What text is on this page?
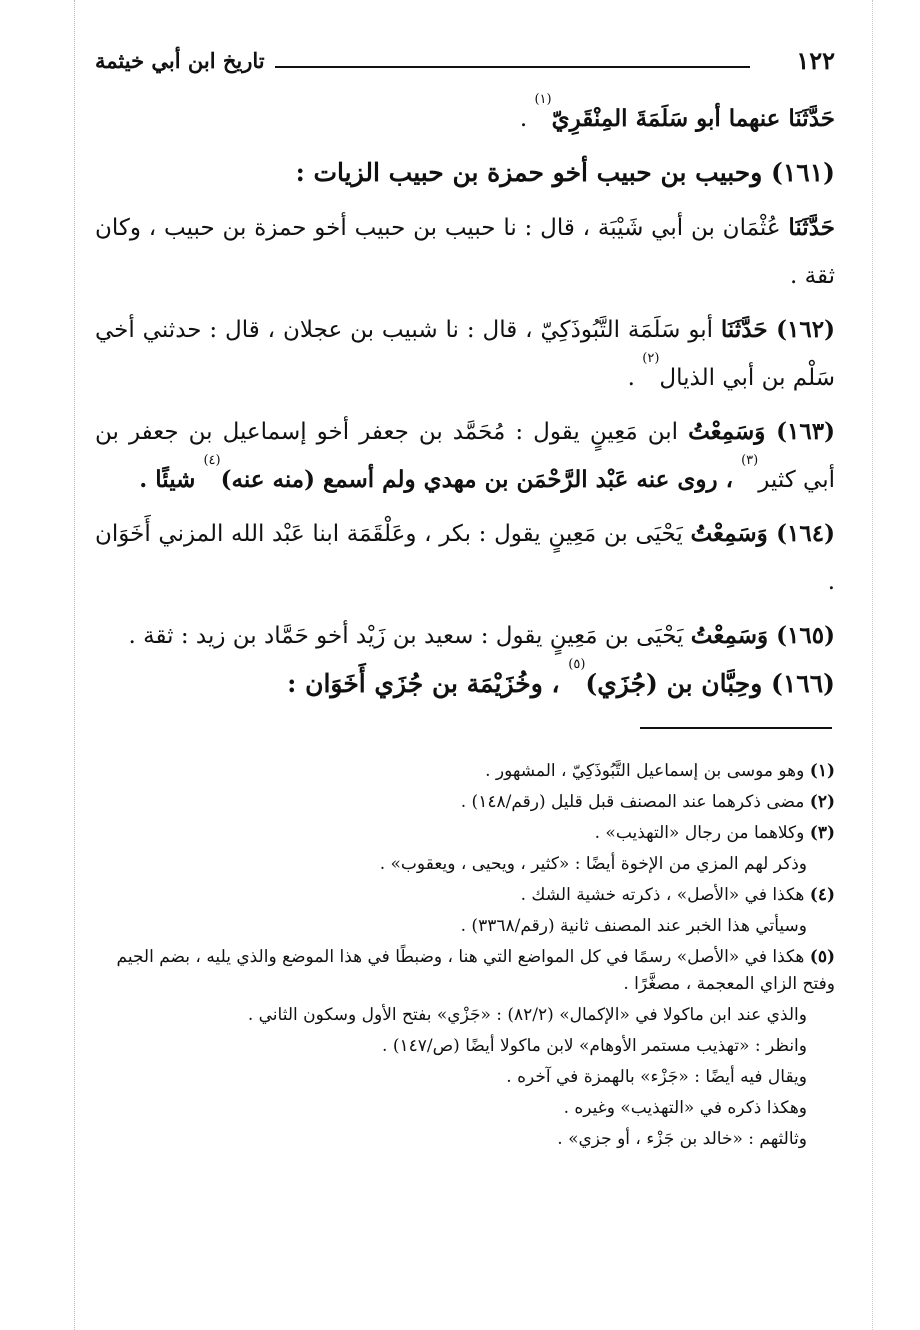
١٢٢
تاريخ ابن أبي خيثمة

حَدَّثَنَا عنهما أبو سَلَمَةَ المِنْقَرِيّ$^{(١)}$ .

(١٦١) وحبيب بن حبيب أخو حمزة بن حبيب الزيات :

حَدَّثَنَا عُثْمَان بن أبي شَيْبَة ، قال : نا حبيب بن حبيب أخو حمزة بن حبيب ، وكان ثقة .

(١٦٢) حَدَّثَنَا أبو سَلَمَة التَّبُوذَكِيّ ، قال : نا شبيب بن عجلان ، قال : حدثني أخي سَلْم بن أبي الذيال$^{(٢)}$ .

(١٦٣) وَسَمِعْتُ ابن مَعِينٍ يقول : مُحَمَّد بن جعفر أخو إسماعيل بن جعفر بن أبي كثير$^{(٣)}$ ، روى عنه عَبْد الرَّحْمَن بن مهدي ولم أسمع (منه عنه)$^{(٤)}$ شيئًا .

(١٦٤) وَسَمِعْتُ يَحْيَى بن مَعِينٍ يقول : بكر ، وعَلْقَمَة ابنا عَبْد الله المزني أَخَوَان .

(١٦٥) وَسَمِعْتُ يَحْيَى بن مَعِينٍ يقول : سعيد بن زَيْد أخو حَمَّاد بن زيد : ثقة .

(١٦٦) وحِبَّان بن (جُزَي)$^{(٥)}$ ، وخُزَيْمَة بن جُزَي أَخَوَان :

(١) وهو موسى بن إسماعيل التَّبُوذَكِيّ ، المشهور .

(٢) مضى ذكرهما عند المصنف قبل قليل (رقم/١٤٨) .

(٣) وكلاهما من رجال «التهذيب» .

وذكر لهم المزي من الإخوة أيضًا : «كثير ، ويحيى ، ويعقوب» .

(٤) هكذا في «الأصل» ، ذكرته خشية الشك .

وسيأتي هذا الخبر عند المصنف ثانية (رقم/٣٣٦٨) .

(٥) هكذا في «الأصل» رسمًا في كل المواضع التي هنا ، وضبطًا في هذا الموضع والذي يليه ، بضم الجيم وفتح الزاي المعجمة ، مصغَّرًا .

والذي عند ابن ماكولا في «الإكمال» (٨٢/٢) : «جَزْي» بفتح الأول وسكون الثاني .

وانظر : «تهذيب مستمر الأوهام» لابن ماكولا أيضًا (ص/١٤٧) .

ويقال فيه أيضًا : «جَزْء» بالهمزة في آخره .

وهكذا ذكره في «التهذيب» وغيره .

وثالثهم : «خالد بن جَزْء ، أو جزي» .
